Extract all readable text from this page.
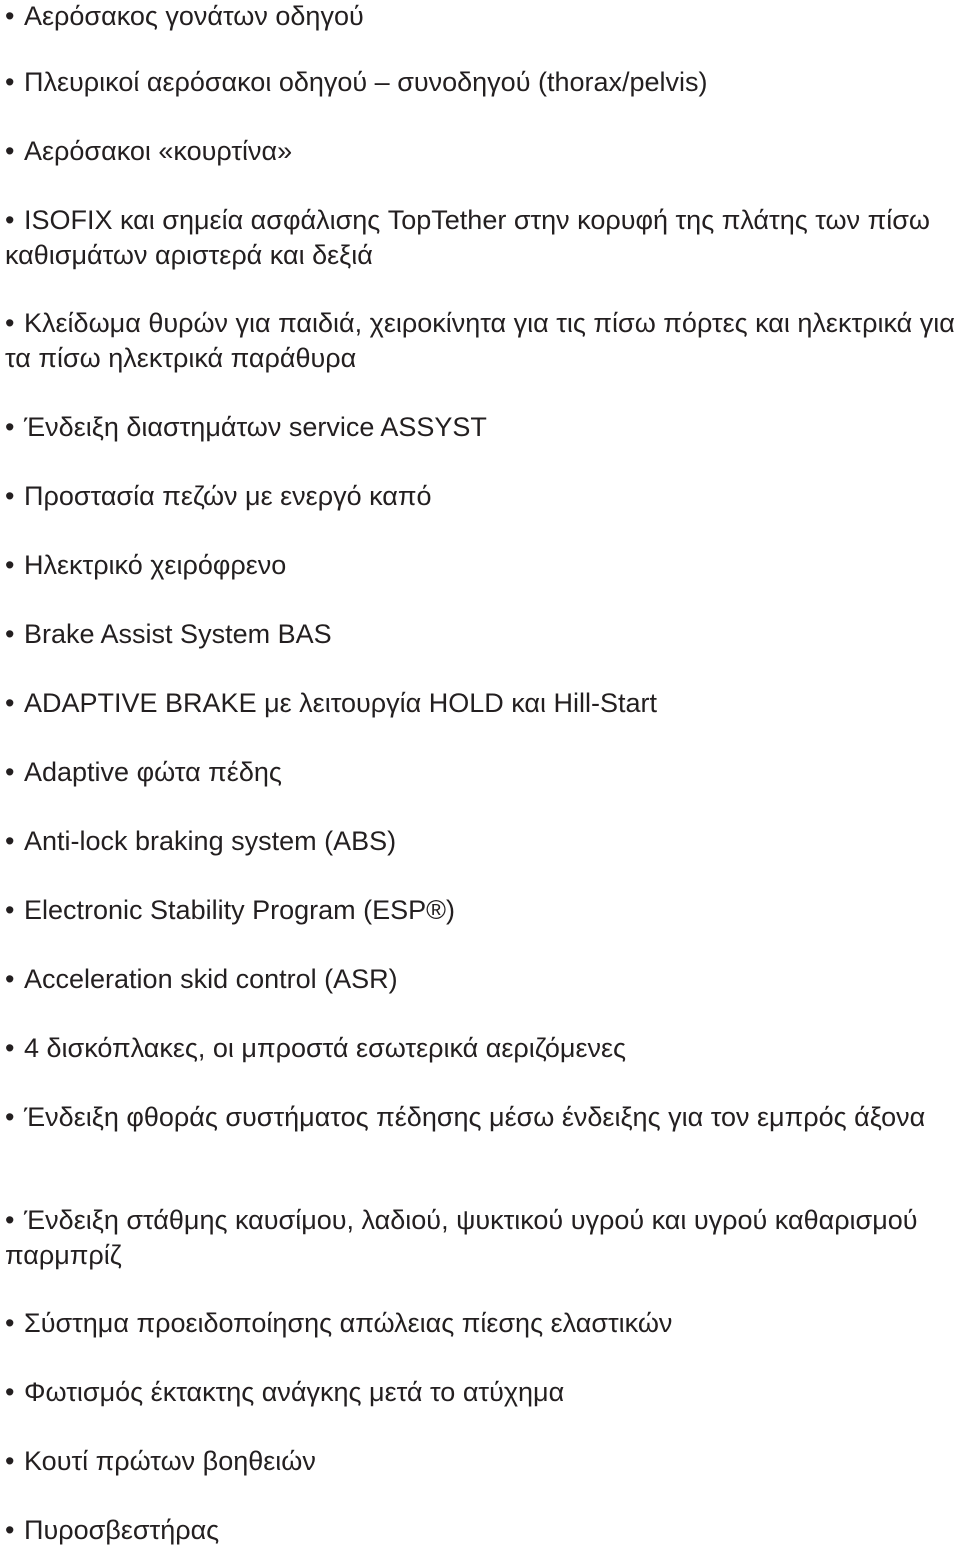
• Αερόσακος γονάτων οδηγού
• Πλευρικοί αερόσακοι οδηγού – συνοδηγού (thorax/pelvis)
• Αερόσακοι «κουρτίνα»
• ISOFIX και σημεία ασφάλισης TopTether στην κορυφή της πλάτης των πίσω καθισμάτων αριστερά και δεξιά
• Κλείδωμα θυρών για παιδιά, χειροκίνητα για τις πίσω πόρτες και ηλεκτρικά για τα πίσω ηλεκτρικά παράθυρα
• Ένδειξη διαστημάτων service ASSYST
• Προστασία πεζών με ενεργό καπό
• Ηλεκτρικό χειρόφρενο
• Brake Assist System BAS
• ADAPTIVE BRAKE με λειτουργία HOLD και Hill-Start
• Adaptive φώτα πέδης
• Anti-lock braking system (ABS)
• Electronic Stability Program (ESP®)
• Acceleration skid control (ASR)
• 4 δισκόπλακες, οι μπροστά εσωτερικά αεριζόμενες
• Ένδειξη φθοράς συστήματος πέδησης μέσω ένδειξης για τον εμπρός άξονα
• Ένδειξη στάθμης καυσίμου, λαδιού, ψυκτικού υγρού και υγρού καθαρισμού παρμπρίζ
• Σύστημα προειδοποίησης απώλειας πίεσης ελαστικών
• Φωτισμός έκτακτης ανάγκης μετά το ατύχημα
• Κουτί πρώτων βοηθειών
• Πυροσβεστήρας
